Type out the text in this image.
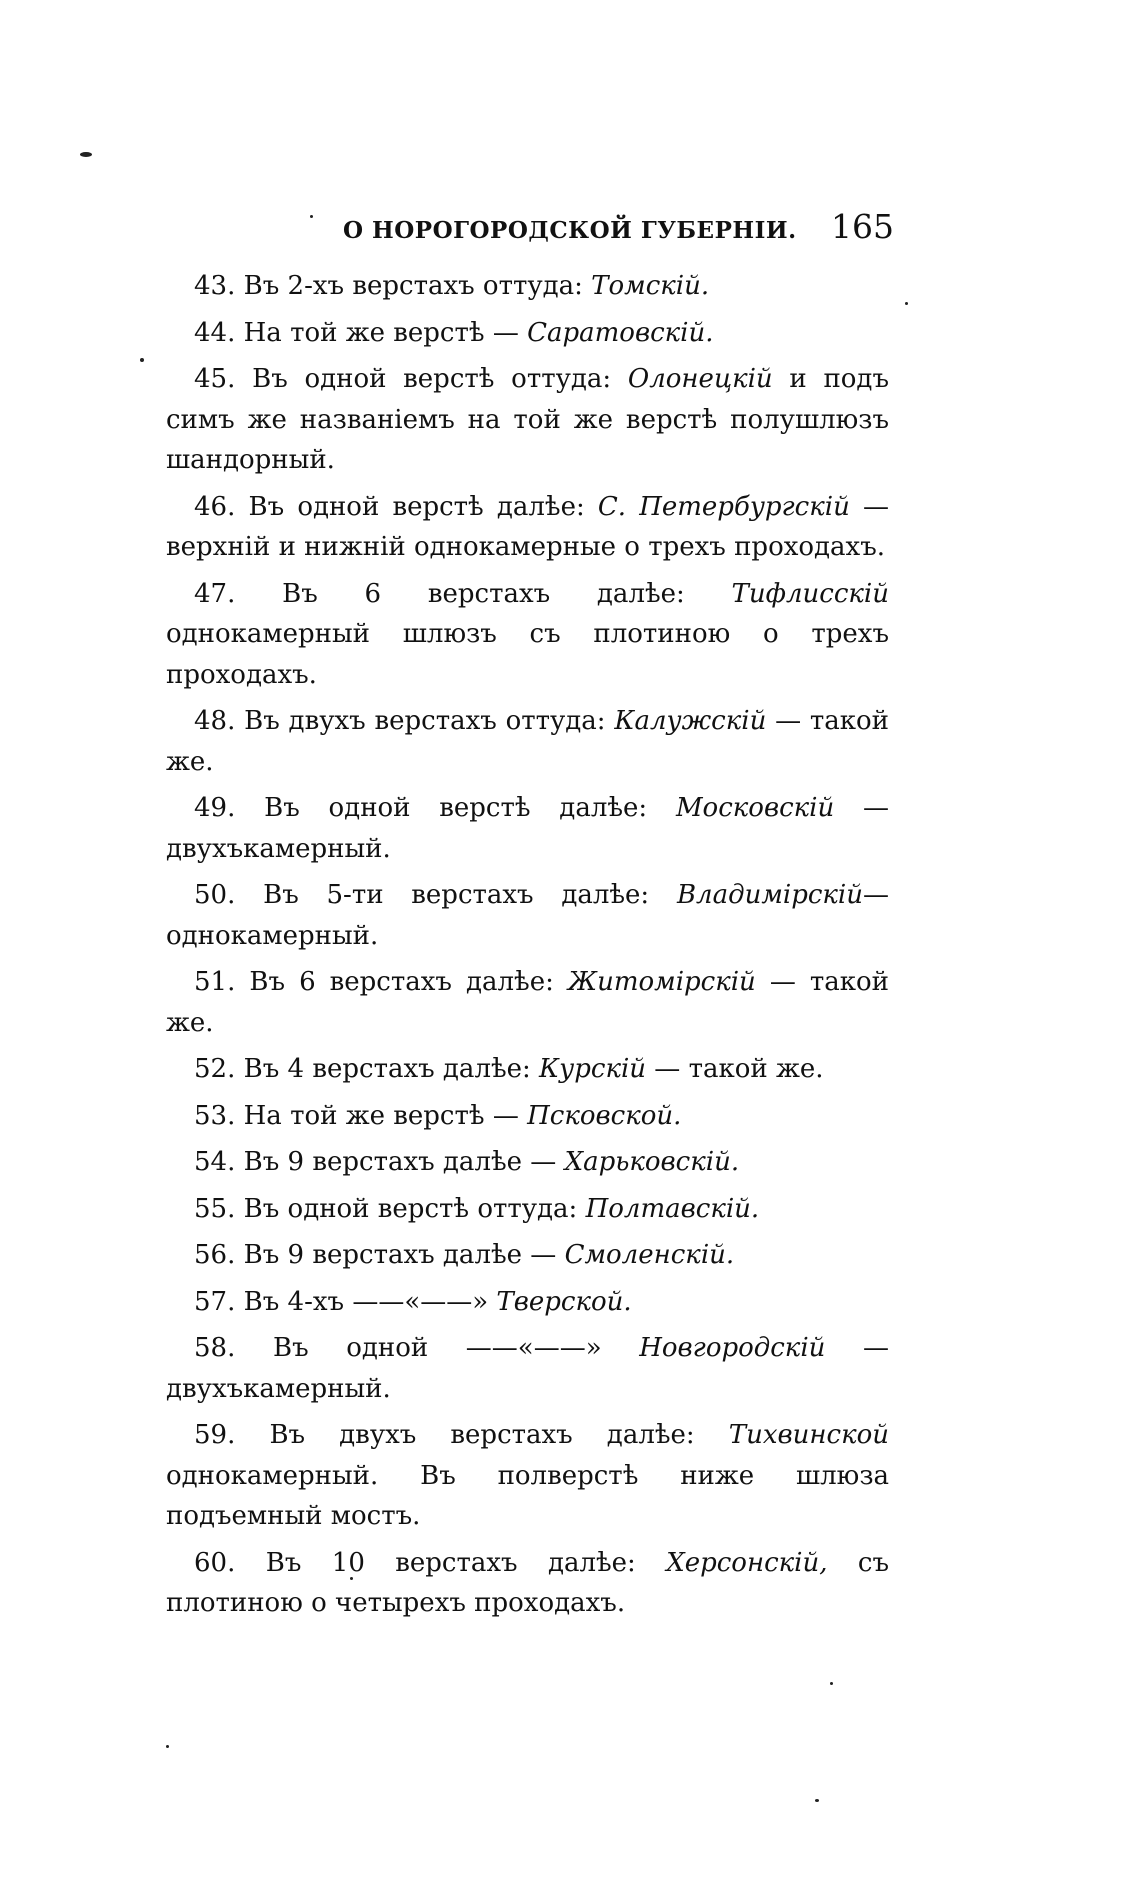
О НОРОГОРОДСКОЙ ГУБЕРНІИ. 165

43. Въ 2-хъ верстахъ оттуда: Томскій.

44. На той же верстѣ — Саратовскій.

45. Въ одной верстѣ оттуда: Олонецкій и подъ симъ же названіемъ на той же верстѣ полушлюзъ шандорный.

46. Въ одной верстѣ далѣе: С. Петербургскій — верхній и нижній однокамерные о трехъ проходахъ.

47. Въ 6 верстахъ далѣе: Тифлисскій однокамерный шлюзъ съ плотиною о трехъ проходахъ.

48. Въ двухъ верстахъ оттуда: Калужскій — такой же.

49. Въ одной верстѣ далѣе: Московскій — двухъкамерный.

50. Въ 5-ти верстахъ далѣе: Владимірскій—однокамерный.

51. Въ 6 верстахъ далѣе: Житомірскій — такой же.

52. Въ 4 верстахъ далѣе: Курскій — такой же.

53. На той же верстѣ — Псковской.

54. Въ 9 верстахъ далѣе — Харьковскій.

55. Въ одной верстѣ оттуда: Полтавскій.

56. Въ 9 верстахъ далѣе — Смоленскій.

57. Въ 4-хъ ——«——» Тверской.

58. Въ одной ——«——» Новгородскій — двухъкамерный.

59. Въ двухъ верстахъ далѣе: Тихвинской однокамерный. Въ полверстѣ ниже шлюза подъемный мостъ.

60. Въ 10 верстахъ далѣе: Херсонскій, съ плотиною о четырехъ проходахъ.
